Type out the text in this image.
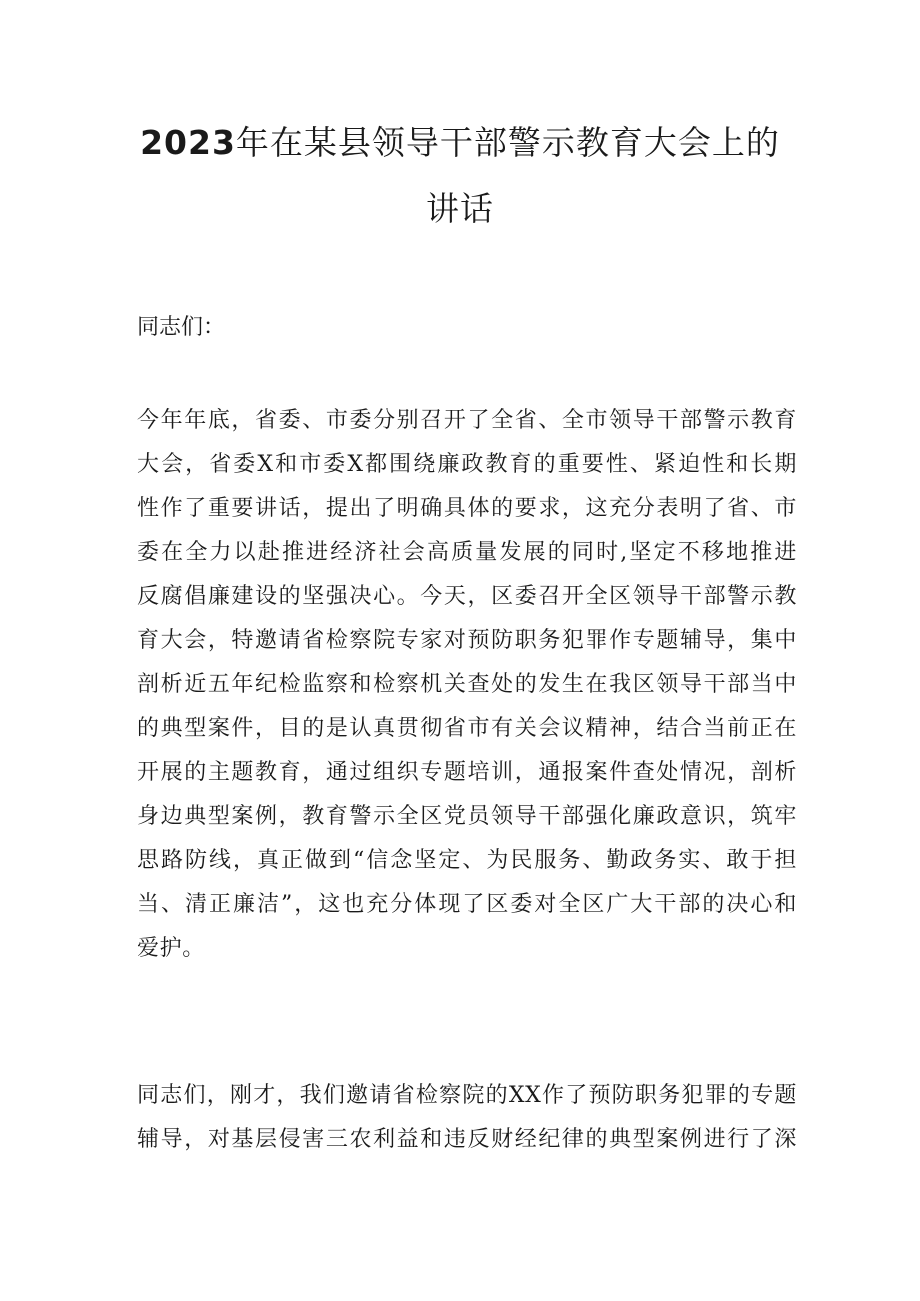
2023年在某县领导干部警示教育大会上的
讲话

同志们：

今年年底，省委、市委分别召开了全省、全市领导干部警示教育
大会，省委X和市委X都围绕廉政教育的重要性、紧迫性和长期
性作了重要讲话，提出了明确具体的要求，这充分表明了省、市
委在全力以赴推进经济社会高质量发展的同时,坚定不移地推进
反腐倡廉建设的坚强决心。今天，区委召开全区领导干部警示教
育大会，特邀请省检察院专家对预防职务犯罪作专题辅导，集中
剖析近五年纪检监察和检察机关查处的发生在我区领导干部当中
的典型案件，目的是认真贯彻省市有关会议精神，结合当前正在
开展的主题教育，通过组织专题培训，通报案件查处情况，剖析
身边典型案例，教育警示全区党员领导干部强化廉政意识，筑牢
思路防线，真正做到“信念坚定、为民服务、勤政务实、敢于担
当、清正廉洁”，这也充分体现了区委对全区广大干部的决心和
爱护。

同志们，刚才，我们邀请省检察院的XX作了预防职务犯罪的专题
辅导，对基层侵害三农利益和违反财经纪律的典型案例进行了深
